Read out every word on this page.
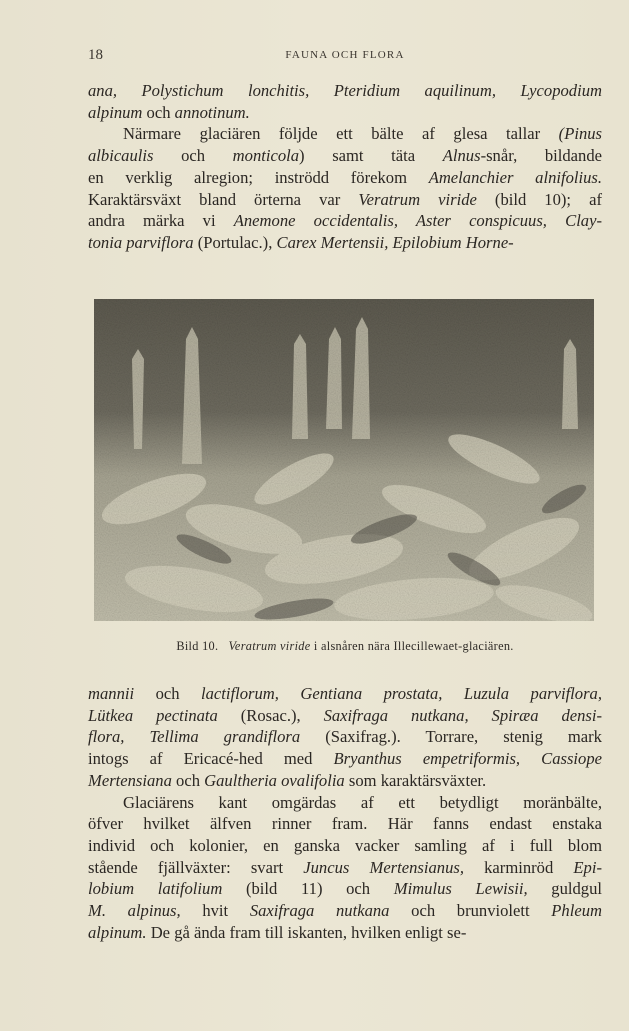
18	FAUNA OCH FLORA
ana, Polystichum lonchitis, Pteridium aquilinum, Lycopodium
alpinum och annotinum.
Närmare glaciären följde ett bälte af glesa tallar (Pinus
albicaulis och monticola) samt täta Alnus-snår, bildande
en verklig alregion; inströdd förekom Amelanchier alnifolius.
Karaktärsväxt bland örterna var Veratrum viride (bild 10); af
andra märka vi Anemone occidentalis, Aster conspicuus, Clay-
tonia parviflora (Portulac.), Carex Mertensii, Epilobium Horne-
Bild 10. Veratrum viride i alsnåren nära Illecillewaet-glaciären.
mannii och lactiflorum, Gentiana prostata, Luzula parviflora,
Lütkea pectinata (Rosac.), Saxifraga nutkana, Spiræa densi-
flora, Tellima grandiflora (Saxifrag.). Torrare, stenig mark
intogs af Ericacé-hed med Bryanthus empetriformis, Cassiope
Mertensiana och Gaultheria ovalifolia som karaktärsväxter.
Glaciärens kant omgärdas af ett betydligt moränbälte,
öfver hvilket älfven rinner fram. Här fanns endast enstaka
individ och kolonier, en ganska vacker samling af i full blom
stående fjällväxter: svart Juncus Mertensianus, karminröd Epi-
lobium latifolium (bild 11) och Mimulus Lewisii, guldgul
M. alpinus, hvit Saxifraga nutkana och brunviolett Phleum
alpinum. De gå ända fram till iskanten, hvilken enligt se-
